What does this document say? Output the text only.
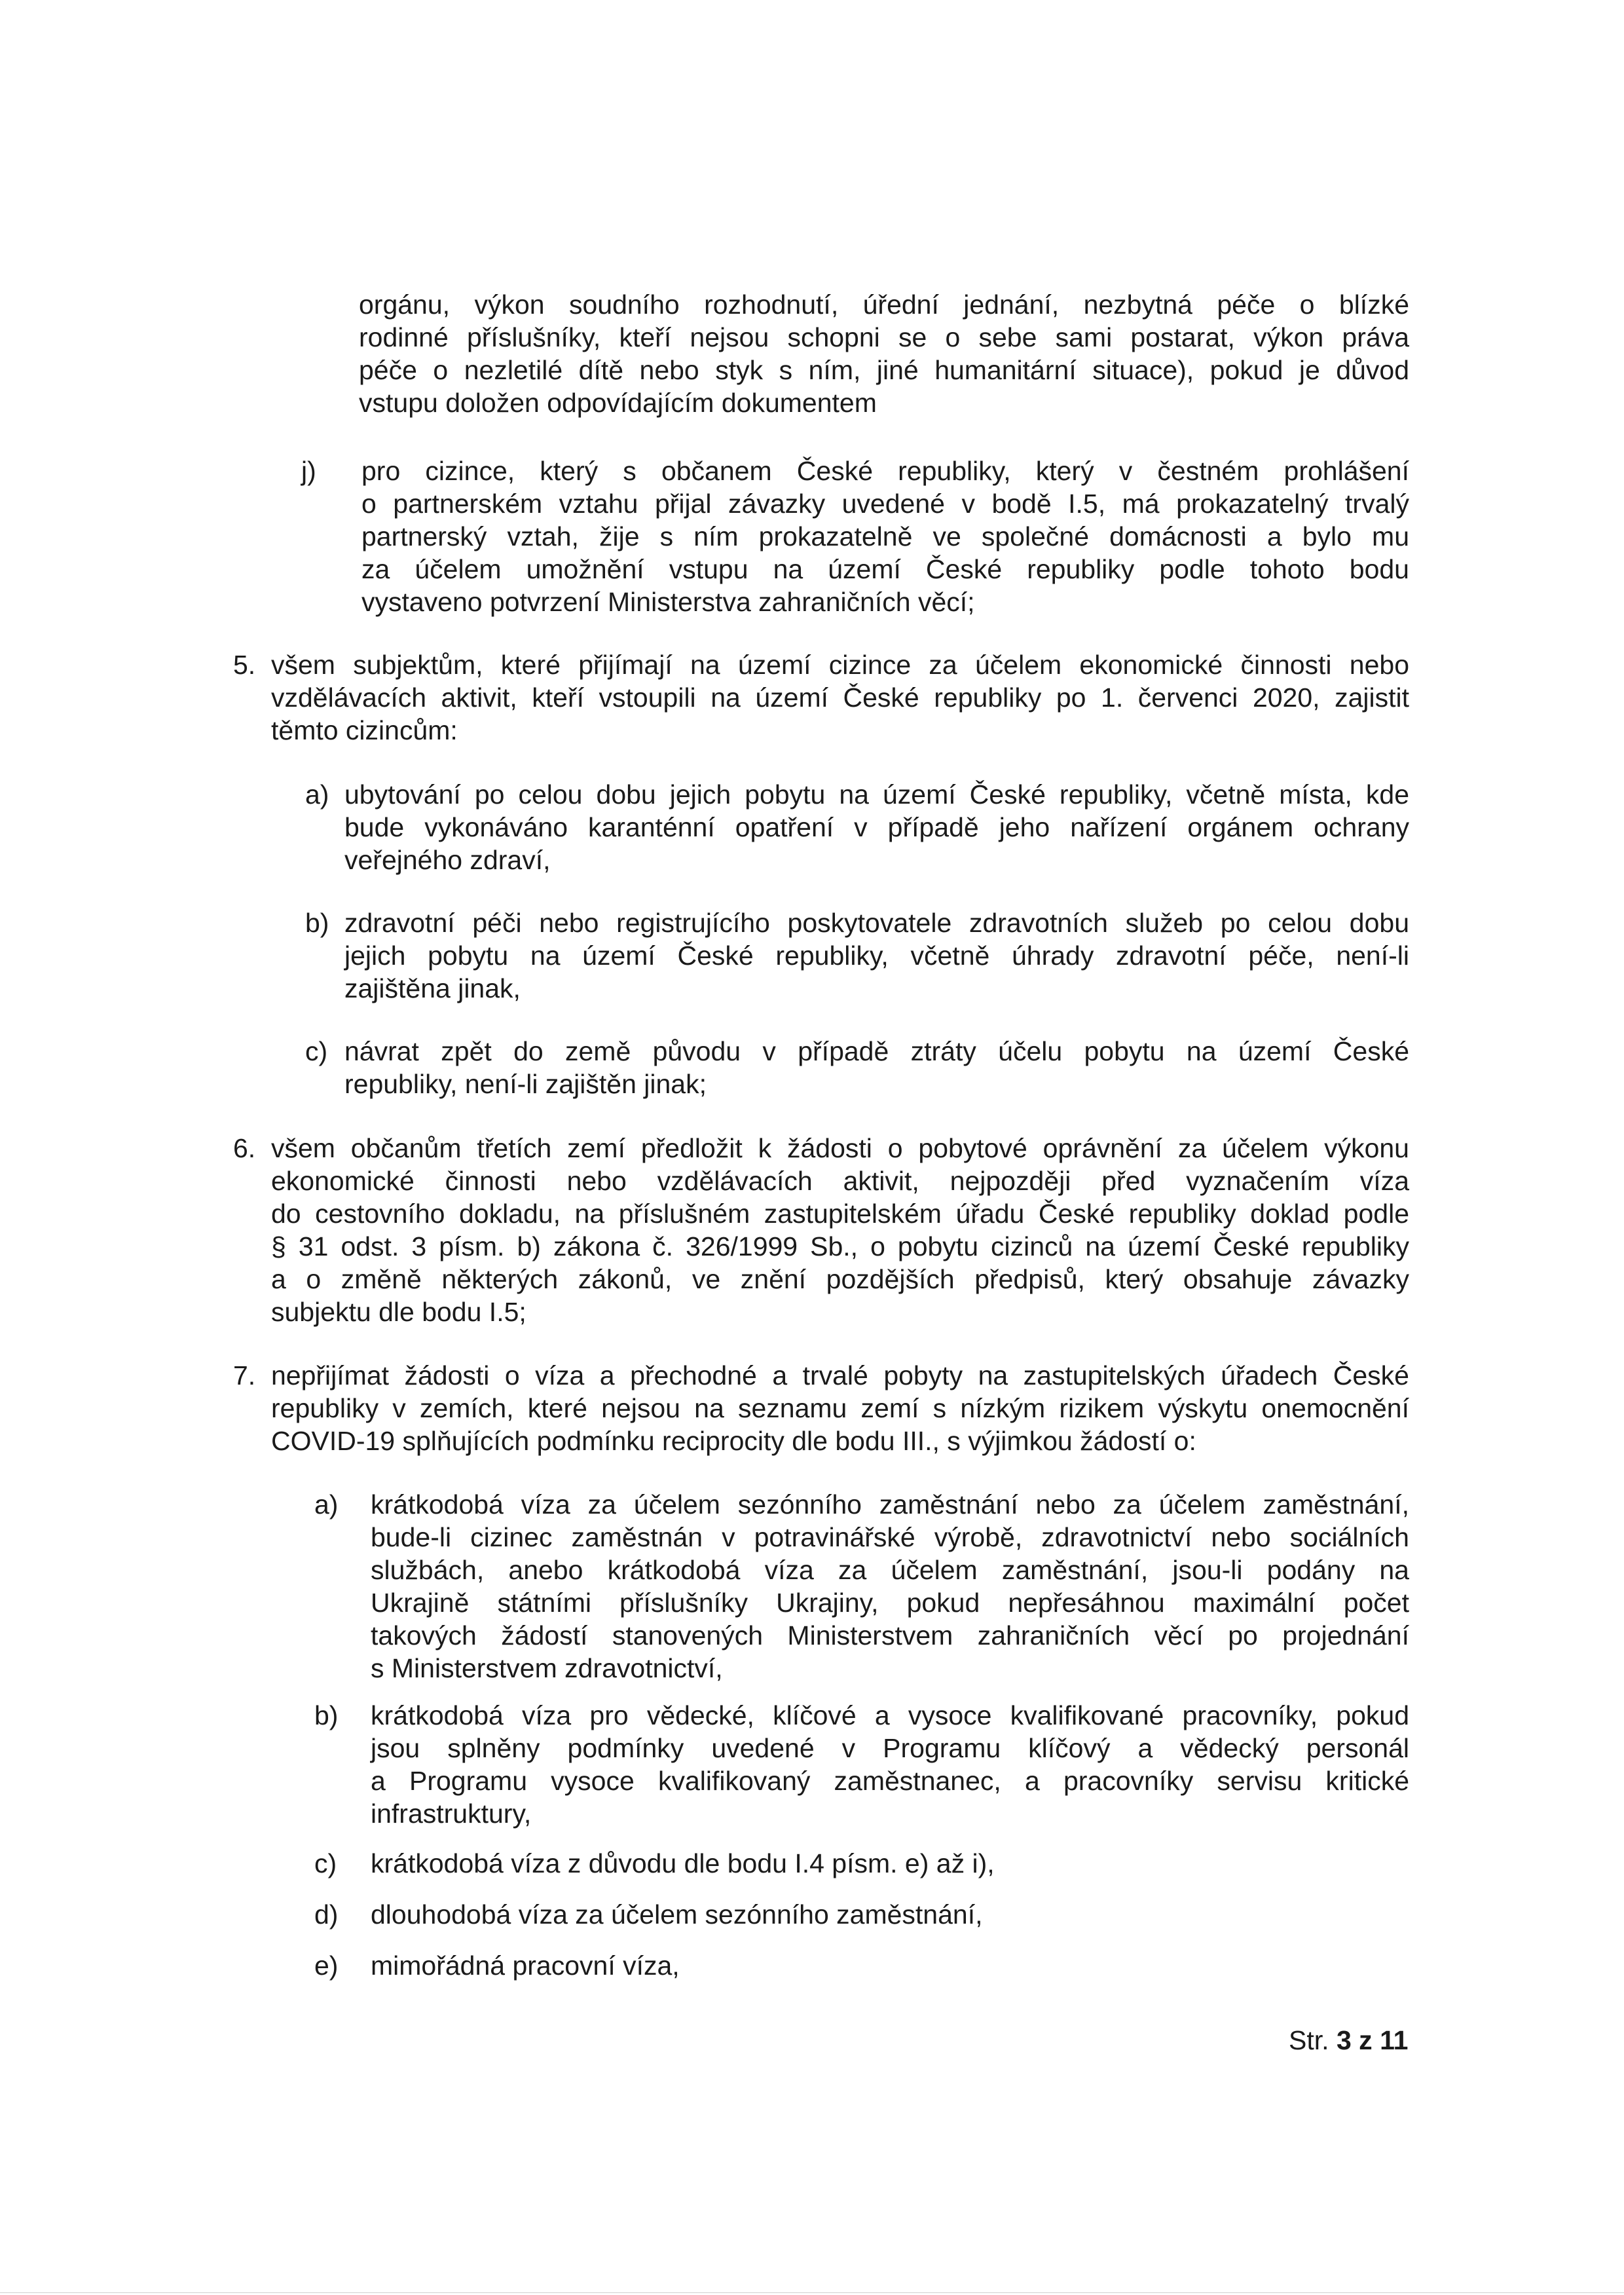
orgánu, výkon soudního rozhodnutí, úřední jednání, nezbytná péče o blízké
rodinné příslušníky, kteří nejsou schopni se o sebe sami postarat, výkon práva
péče o nezletilé dítě nebo styk s ním, jiné humanitární situace), pokud je důvod
vstupu doložen odpovídajícím dokumentem
j) pro cizince, který s občanem České republiky, který v čestném prohlášení
o partnerském vztahu přijal závazky uvedené v bodě I.5, má prokazatelný trvalý
partnerský vztah, žije s ním prokazatelně ve společné domácnosti a bylo mu
za účelem umožnění vstupu na území České republiky podle tohoto bodu
vystaveno potvrzení Ministerstva zahraničních věcí;
5. všem subjektům, které přijímají na území cizince za účelem ekonomické činnosti nebo
vzdělávacích aktivit, kteří vstoupili na území České republiky po 1. červenci 2020, zajistit
těmto cizincům:
a) ubytování po celou dobu jejich pobytu na území České republiky, včetně místa, kde
bude vykonáváno karanténní opatření v případě jeho nařízení orgánem ochrany
veřejného zdraví,
b) zdravotní péči nebo registrujícího poskytovatele zdravotních služeb po celou dobu
jejich pobytu na území České republiky, včetně úhrady zdravotní péče, není-li
zajištěna jinak,
c) návrat zpět do země původu v případě ztráty účelu pobytu na území České
republiky, není-li zajištěn jinak;
6. všem občanům třetích zemí předložit k žádosti o pobytové oprávnění za účelem výkonu
ekonomické činnosti nebo vzdělávacích aktivit, nejpozději před vyznačením víza
do cestovního dokladu, na příslušném zastupitelském úřadu České republiky doklad podle
§ 31 odst. 3 písm. b) zákona č. 326/1999 Sb., o pobytu cizinců na území České republiky
a o změně některých zákonů, ve znění pozdějších předpisů, který obsahuje závazky
subjektu dle bodu I.5;
7. nepřijímat žádosti o víza a přechodné a trvalé pobyty na zastupitelských úřadech České
republiky v zemích, které nejsou na seznamu zemí s nízkým rizikem výskytu onemocnění
COVID-19 splňujících podmínku reciprocity dle bodu III., s výjimkou žádostí o:
a) krátkodobá víza za účelem sezónního zaměstnání nebo za účelem zaměstnání,
bude-li cizinec zaměstnán v potravinářské výrobě, zdravotnictví nebo sociálních
službách, anebo krátkodobá víza za účelem zaměstnání, jsou-li podány na
Ukrajině státními příslušníky Ukrajiny, pokud nepřesáhnou maximální počet
takových žádostí stanovených Ministerstvem zahraničních věcí po projednání
s Ministerstvem zdravotnictví,
b) krátkodobá víza pro vědecké, klíčové a vysoce kvalifikované pracovníky, pokud
jsou splněny podmínky uvedené v Programu klíčový a vědecký personál
a Programu vysoce kvalifikovaný zaměstnanec, a pracovníky servisu kritické
infrastruktury,
c) krátkodobá víza z důvodu dle bodu I.4 písm. e) až i),
d) dlouhodobá víza za účelem sezónního zaměstnání,
e) mimořádná pracovní víza,
Str. 3 z 11
